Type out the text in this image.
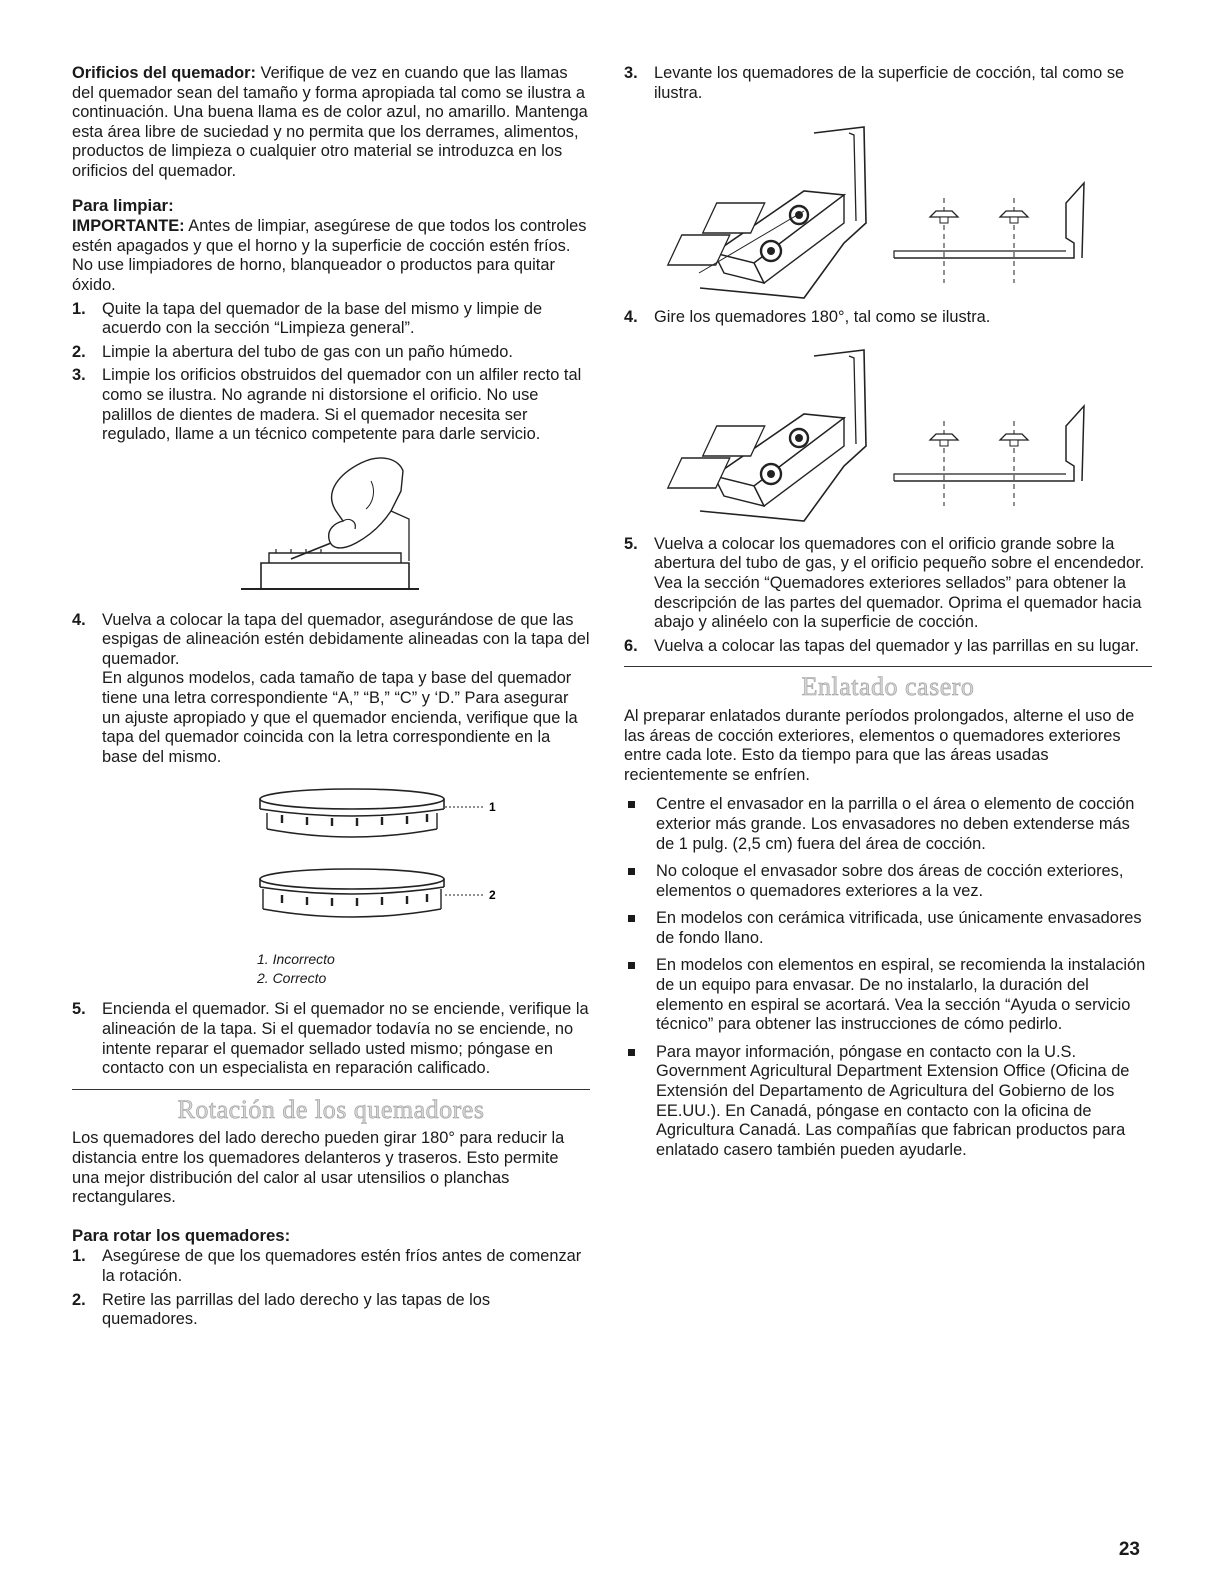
Orificios del quemador: Verifique de vez en cuando que las llamas del quemador sean del tamaño y forma apropiada tal como se ilustra a continuación. Una buena llama es de color azul, no amarillo. Mantenga esta área libre de suciedad y no permita que los derrames, alimentos, productos de limpieza o cualquier otro material se introduzca en los orificios del quemador.

Para limpiar:

IMPORTANTE: Antes de limpiar, asegúrese de que todos los controles estén apagados y que el horno y la superficie de cocción estén fríos. No use limpiadores de horno, blanqueador o productos para quitar óxido.

1. Quite la tapa del quemador de la base del mismo y limpie de acuerdo con la sección “Limpieza general”.
2. Limpie la abertura del tubo de gas con un paño húmedo.
3. Limpie los orificios obstruidos del quemador con un alfiler recto tal como se ilustra. No agrande ni distorsione el orificio. No use palillos de dientes de madera. Si el quemador necesita ser regulado, llame a un técnico competente para darle servicio.
4. Vuelva a colocar la tapa del quemador, asegurándose de que las espigas de alineación estén debidamente alineadas con la tapa del quemador.
En algunos modelos, cada tamaño de tapa y base del quemador tiene una letra correspondiente “A,” “B,” “C” y ‘D.” Para asegurar un ajuste apropiado y que el quemador encienda, verifique que la tapa del quemador coincida con la letra correspondiente en la base del mismo.
1
2

1. Incorrecto

2. Correcto

5. Encienda el quemador. Si el quemador no se enciende, verifique la alineación de la tapa. Si el quemador todavía no se enciende, no intente reparar el quemador sellado usted mismo; póngase en contacto con un especialista en reparación calificado.
Rotación de los quemadores

Los quemadores del lado derecho pueden girar 180° para reducir la distancia entre los quemadores delanteros y traseros. Esto permite una mejor distribución del calor al usar utensilios o planchas rectangulares.

Para rotar los quemadores:

1. Asegúrese de que los quemadores estén fríos antes de comenzar la rotación.
2. Retire las parrillas del lado derecho y las tapas de los quemadores.
3. Levante los quemadores de la superficie de cocción, tal como se ilustra.
4. Gire los quemadores 180°, tal como se ilustra.
5. Vuelva a colocar los quemadores con el orificio grande sobre la abertura del tubo de gas, y el orificio pequeño sobre el encendedor. Vea la sección “Quemadores exteriores sellados” para obtener la descripción de las partes del quemador. Oprima el quemador hacia abajo y alinéelo con la superficie de cocción.
6. Vuelva a colocar las tapas del quemador y las parrillas en su lugar.
Enlatado casero

Al preparar enlatados durante períodos prolongados, alterne el uso de las áreas de cocción exteriores, elementos o quemadores exteriores entre cada lote. Esto da tiempo para que las áreas usadas recientemente se enfríen.

Centre el envasador en la parrilla o el área o elemento de cocción exterior más grande. Los envasadores no deben extenderse más de 1 pulg. (2,5 cm) fuera del área de cocción.
No coloque el envasador sobre dos áreas de cocción exteriores, elementos o quemadores exteriores a la vez.
En modelos con cerámica vitrificada, use únicamente envasadores de fondo llano.
En modelos con elementos en espiral, se recomienda la instalación de un equipo para envasar. De no instalarlo, la duración del elemento en espiral se acortará. Vea la sección “Ayuda o servicio técnico” para obtener las instrucciones de cómo pedirlo.
Para mayor información, póngase en contacto con la U.S. Government Agricultural Department Extension Office (Oficina de Extensión del Departamento de Agricultura del Gobierno de los EE.UU.). En Canadá, póngase en contacto con la oficina de Agricultura Canadá. Las compañías que fabrican productos para enlatado casero también pueden ayudarle.
23
